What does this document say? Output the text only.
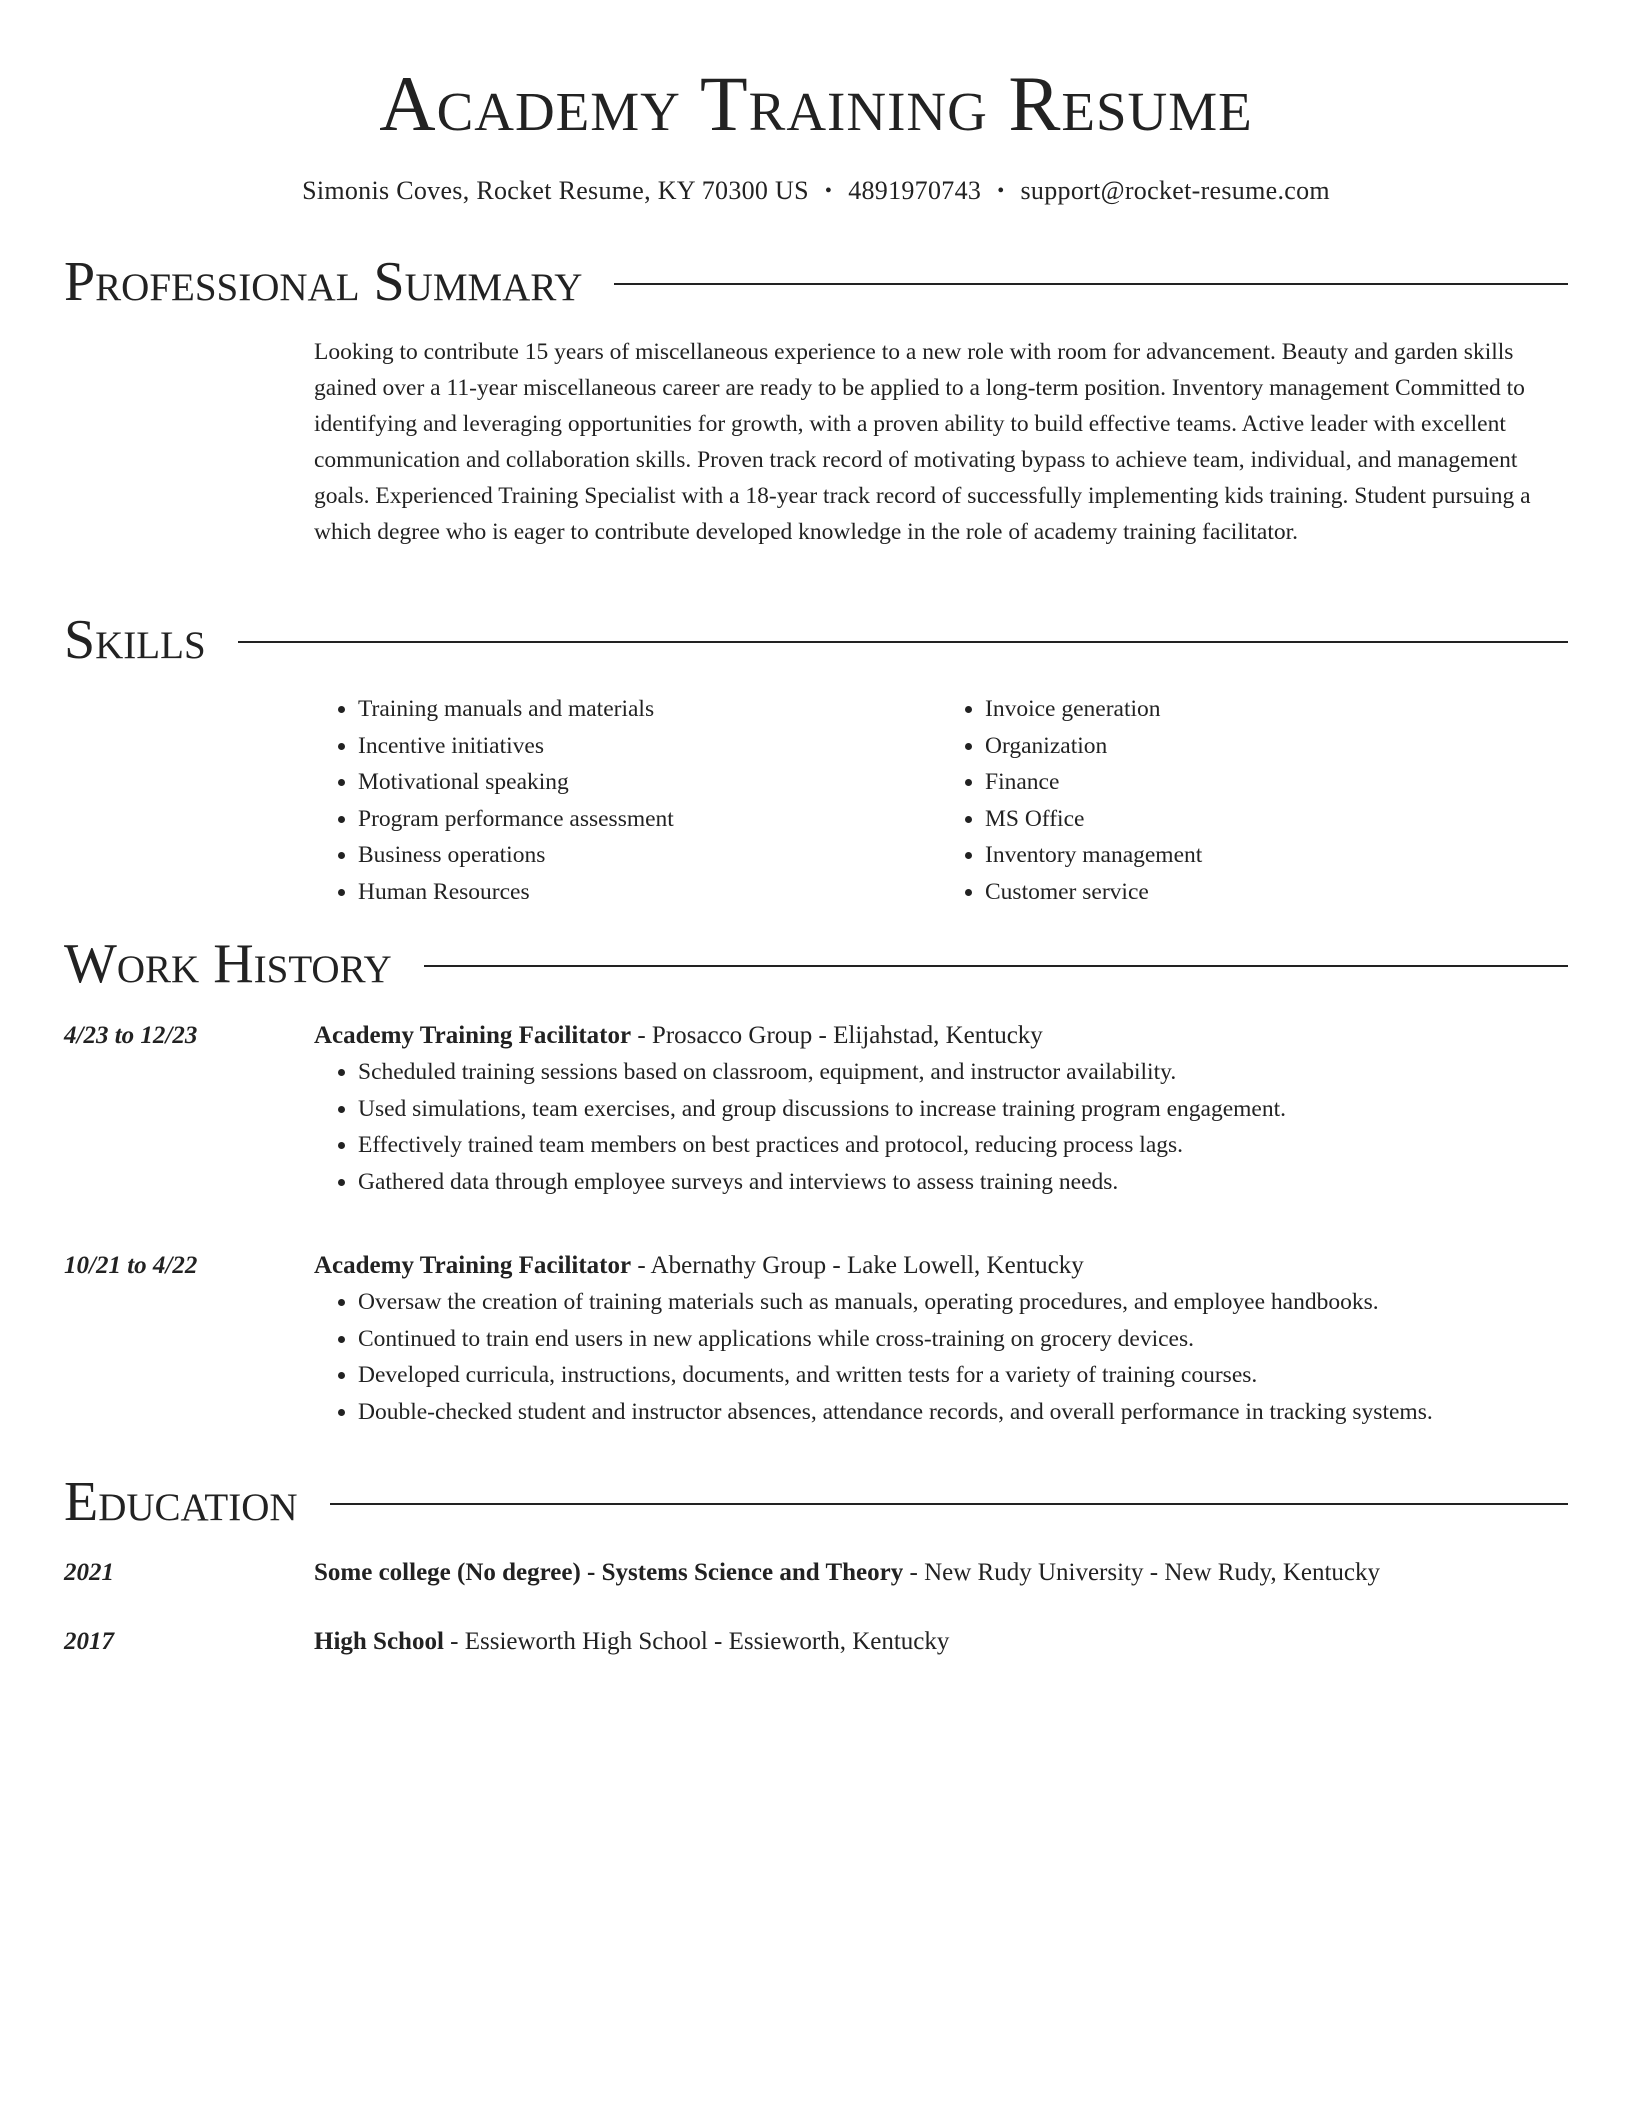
Academy Training Resume
Simonis Coves, Rocket Resume, KY 70300 US • 4891970743 • support@rocket-resume.com
Professional Summary

Looking to contribute 15 years of miscellaneous experience to a new role with room for advancement. Beauty and garden skills gained over a 11-year miscellaneous career are ready to be applied to a long-term position. Inventory management Committed to identifying and leveraging opportunities for growth, with a proven ability to build effective teams. Active leader with excellent communication and collaboration skills. Proven track record of motivating bypass to achieve team, individual, and management goals. Experienced Training Specialist with a 18-year track record of successfully implementing kids training. Student pursuing a which degree who is eager to contribute developed knowledge in the role of academy training facilitator.

Skills
• Training manuals and materials
• Incentive initiatives
• Motivational speaking
• Program performance assessment
• Business operations
• Human Resources
• Invoice generation
• Organization
• Finance
• MS Office
• Inventory management
• Customer service
Work History
4/23 to 12/23	Academy Training Facilitator - Prosacco Group - Elijahstad, Kentucky
• Scheduled training sessions based on classroom, equipment, and instructor availability.
• Used simulations, team exercises, and group discussions to increase training program engagement.
• Effectively trained team members on best practices and protocol, reducing process lags.
• Gathered data through employee surveys and interviews to assess training needs.
10/21 to 4/22	Academy Training Facilitator - Abernathy Group - Lake Lowell, Kentucky
• Oversaw the creation of training materials such as manuals, operating procedures, and employee handbooks.
• Continued to train end users in new applications while cross-training on grocery devices.
• Developed curricula, instructions, documents, and written tests for a variety of training courses.
• Double-checked student and instructor absences, attendance records, and overall performance in tracking systems.
Education
2021	Some college (No degree) - Systems Science and Theory - New Rudy University - New Rudy, Kentucky
2017	High School - Essieworth High School - Essieworth, Kentucky
